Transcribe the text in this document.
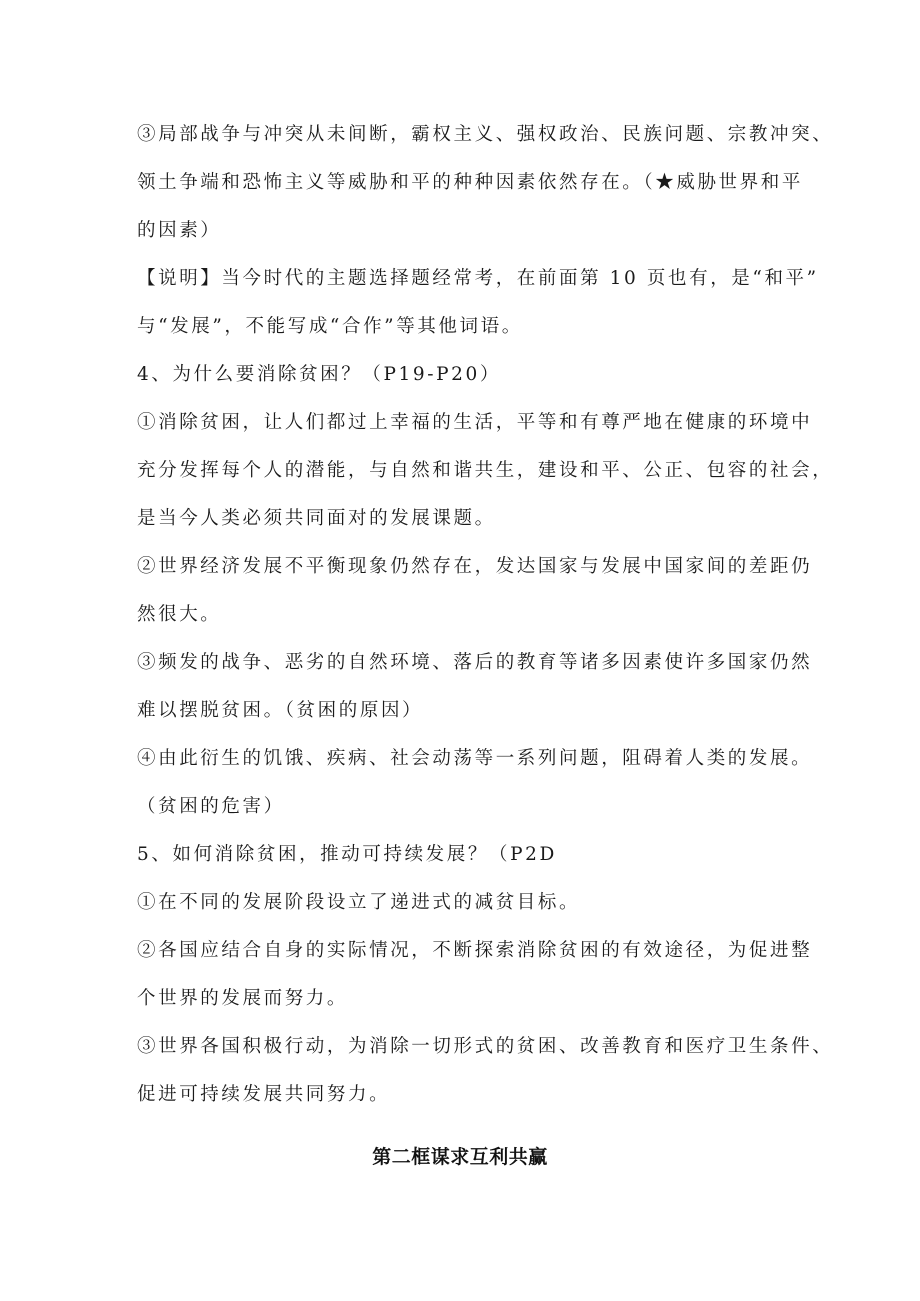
③局部战争与冲突从未间断，霸权主义、强权政治、民族问题、宗教冲突、
领土争端和恐怖主义等威胁和平的种种因素依然存在。（★威胁世界和平
的因素）
【说明】当今时代的主题选择题经常考，在前面第 10 页也有，是“和平”
与“发展”，不能写成“合作”等其他词语。
4、为什么要消除贫困？（P19-P20）
①消除贫困，让人们都过上幸福的生活，平等和有尊严地在健康的环境中
充分发挥每个人的潜能，与自然和谐共生，建设和平、公正、包容的社会，
是当今人类必须共同面对的发展课题。
②世界经济发展不平衡现象仍然存在，发达国家与发展中国家间的差距仍
然很大。
③频发的战争、恶劣的自然环境、落后的教育等诸多因素使许多国家仍然
难以摆脱贫困。（贫困的原因）
④由此衍生的饥饿、疾病、社会动荡等一系列问题，阻碍着人类的发展。
（贫困的危害）
5、如何消除贫困，推动可持续发展？（P2D
①在不同的发展阶段设立了递进式的减贫目标。
②各国应结合自身的实际情况，不断探索消除贫困的有效途径，为促进整
个世界的发展而努力。
③世界各国积极行动，为消除一切形式的贫困、改善教育和医疗卫生条件、
促进可持续发展共同努力。
第二框谋求互利共赢
